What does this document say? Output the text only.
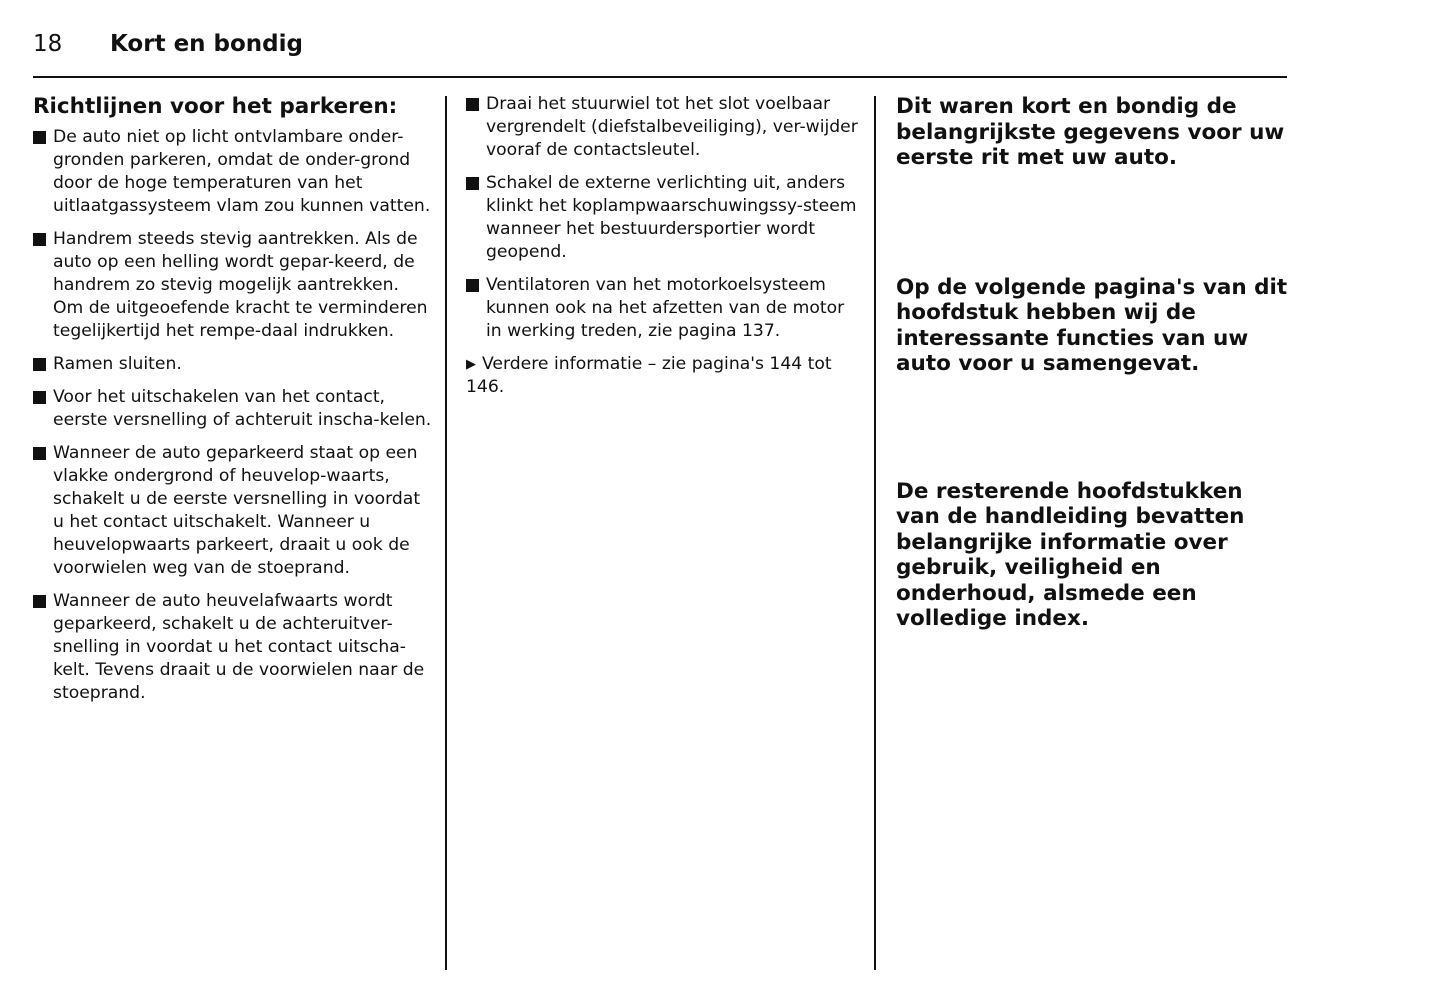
18 Kort en bondig
Richtlijnen voor het parkeren:
De auto niet op licht ontvlambare onder-gronden parkeren, omdat de onder-grond door de hoge temperaturen van het uitlaatgassysteem vlam zou kunnen vatten.
Handrem steeds stevig aantrekken. Als de auto op een helling wordt gepar-keerd, de handrem zo stevig mogelijk aantrekken. Om de uitgeoefende kracht te verminderen tegelijkertijd het rempe-daal indrukken.
Ramen sluiten.
Voor het uitschakelen van het contact, eerste versnelling of achteruit inscha-kelen.
Wanneer de auto geparkeerd staat op een vlakke ondergrond of heuvelop-waarts, schakelt u de eerste versnelling in voordat u het contact uitschakelt. Wanneer u heuvelopwaarts parkeert, draait u ook de voorwielen weg van de stoeprand.
Wanneer de auto heuvelafwaarts wordt geparkeerd, schakelt u de achteruitver-snelling in voordat u het contact uitscha-kelt. Tevens draait u de voorwielen naar de stoeprand.
Draai het stuurwiel tot het slot voelbaar vergrendelt (diefstalbeveiliging), ver-wijder vooraf de contactsleutel.
Schakel de externe verlichting uit, anders klinkt het koplampwaarschuwingssy-steem wanneer het bestuurdersportier wordt geopend.
Ventilatoren van het motorkoelsysteem kunnen ook na het afzetten van de motor in werking treden, zie pagina 137.

▶ Verdere informatie – zie pagina's 144 tot 146.

Dit waren kort en bondig de belangrijkste gegevens voor uw eerste rit met uw auto.

Op de volgende pagina's van dit hoofdstuk hebben wij de interessante functies van uw auto voor u samengevat.

De resterende hoofdstukken van de handleiding bevatten belangrijke informatie over gebruik, veiligheid en onderhoud, alsmede een volledige index.
